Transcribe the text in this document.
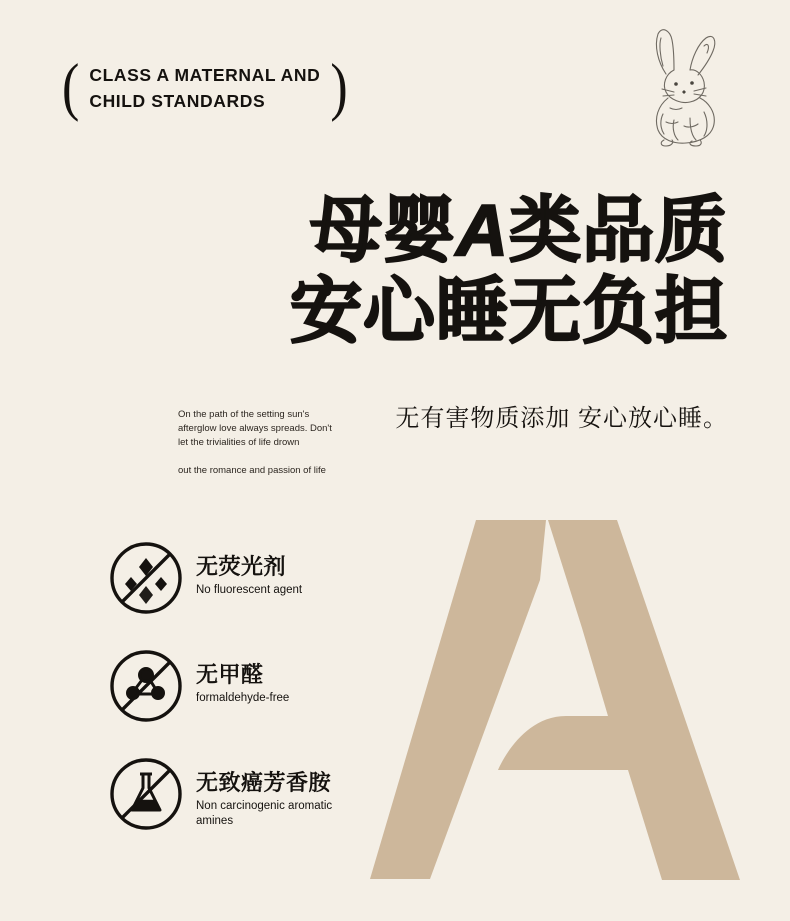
( CLASS A MATERNAL AND
CHILD STANDARDS	)
母婴A类品质
安心睡无负担
无有害物质添加 安心放心睡。
On the path of the setting sun's afterglow love always spreads. Don't let the trivialities of life drown
out the romance and passion of life
无荧光剂
No fluorescent agent
无甲醛
formaldehyde-free
无致癌芳香胺
Non carcinogenic aromatic amines
